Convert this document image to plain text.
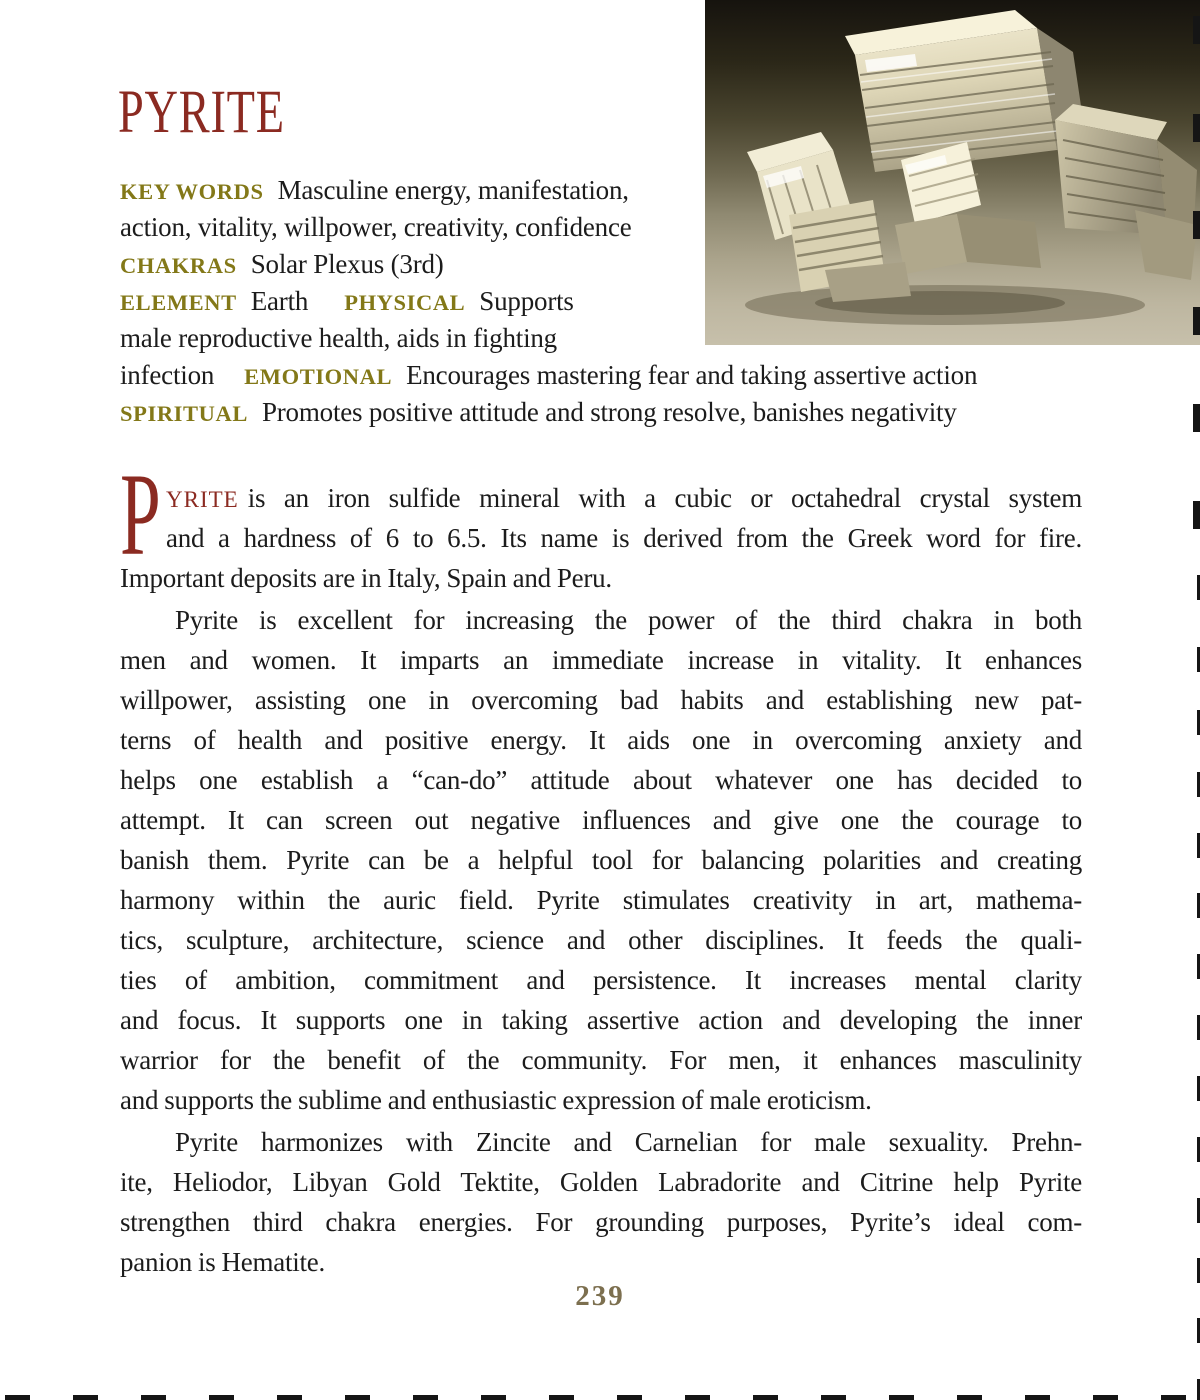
PYRITE
KEY WORDS Masculine energy, manifestation,
action, vitality, willpower, creativity, confidence
CHAKRAS Solar Plexus (3rd)
ELEMENT Earth PHYSICAL Supports
male reproductive health, aids in fighting
infection EMOTIONAL Encourages mastering fear and taking assertive action
SPIRITUAL Promotes positive attitude and strong resolve, banishes negativity
P YRITE is an iron sulfide mineral with a cubic or octahedral crystal system
and a hardness of 6 to 6.5. Its name is derived from the Greek word for fire.
Important deposits are in Italy, Spain and Peru.
Pyrite is excellent for increasing the power of the third chakra in both
men and women. It imparts an immediate increase in vitality. It enhances
willpower, assisting one in overcoming bad habits and establishing new pat-
terns of health and positive energy. It aids one in overcoming anxiety and
helps one establish a “can-do” attitude about whatever one has decided to
attempt. It can screen out negative influences and give one the courage to
banish them. Pyrite can be a helpful tool for balancing polarities and creating
harmony within the auric field. Pyrite stimulates creativity in art, mathema-
tics, sculpture, architecture, science and other disciplines. It feeds the quali-
ties of ambition, commitment and persistence. It increases mental clarity
and focus. It supports one in taking assertive action and developing the inner
warrior for the benefit of the community. For men, it enhances masculinity
and supports the sublime and enthusiastic expression of male eroticism.
Pyrite harmonizes with Zincite and Carnelian for male sexuality. Prehn-
ite, Heliodor, Libyan Gold Tektite, Golden Labradorite and Citrine help Pyrite
strengthen third chakra energies. For grounding purposes, Pyrite’s ideal com-
panion is Hematite.
239
